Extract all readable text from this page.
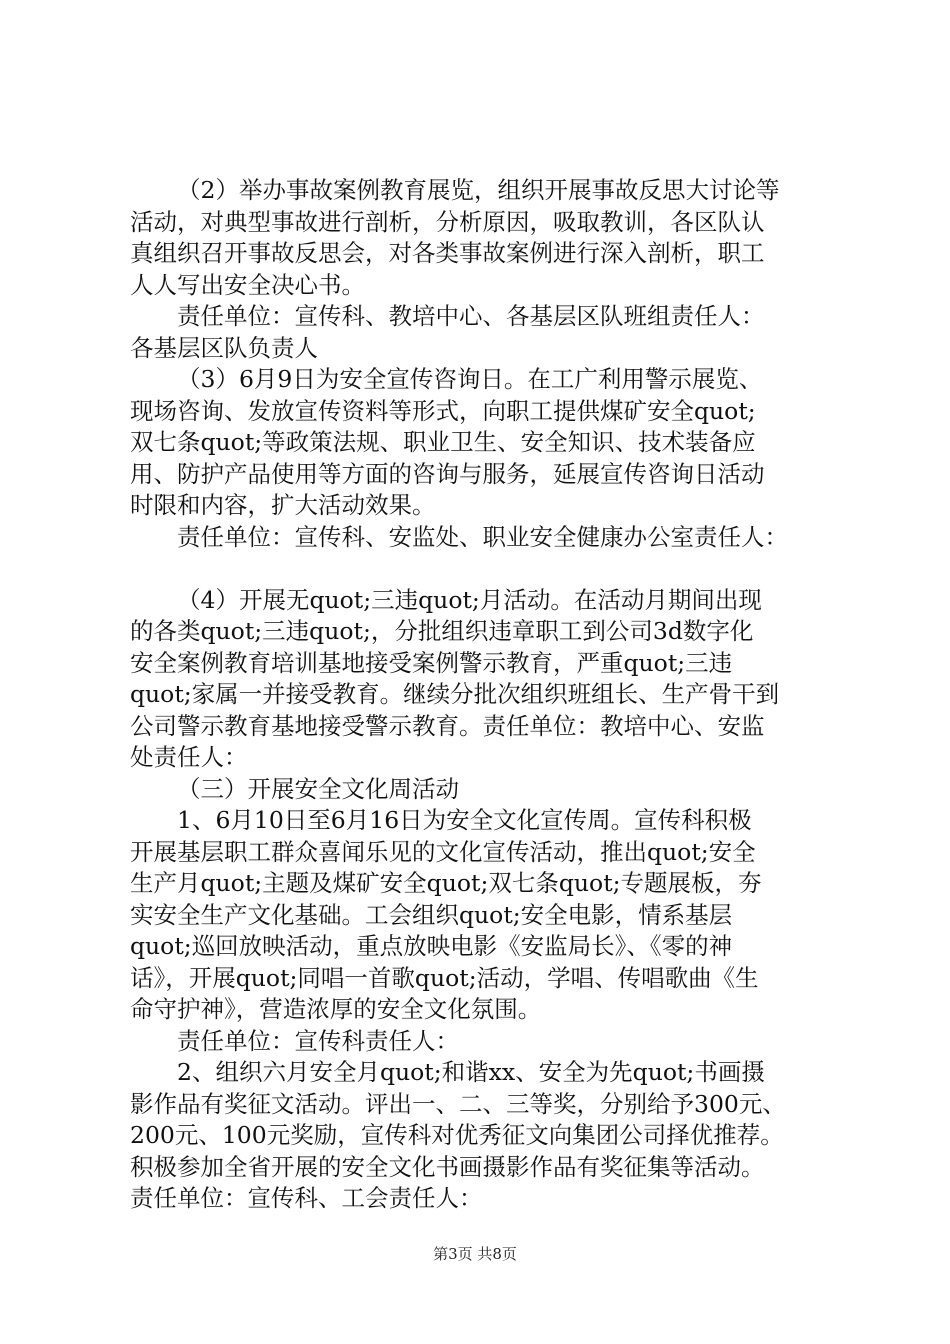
（2）举办事故案例教育展览，组织开展事故反思大讨论等
活动，对典型事故进行剖析，分析原因，吸取教训，各区队认
真组织召开事故反思会，对各类事故案例进行深入剖析，职工
人人写出安全决心书。
责任单位：宣传科、教培中心、各基层区队班组责任人：
各基层区队负责人
（3）6月9日为安全宣传咨询日。在工广利用警示展览、
现场咨询、发放宣传资料等形式，向职工提供煤矿安全quot;
双七条quot;等政策法规、职业卫生、安全知识、技术装备应
用、防护产品使用等方面的咨询与服务，延展宣传咨询日活动
时限和内容，扩大活动效果。
责任单位：宣传科、安监处、职业安全健康办公室责任人：
（4）开展无quot;三违quot;月活动。在活动月期间出现
的各类quot;三违quot;，分批组织违章职工到公司3d数字化
安全案例教育培训基地接受案例警示教育，严重quot;三违
quot;家属一并接受教育。继续分批次组织班组长、生产骨干到
公司警示教育基地接受警示教育。责任单位：教培中心、安监
处责任人：
（三）开展安全文化周活动
1、6月10日至6月16日为安全文化宣传周。宣传科积极
开展基层职工群众喜闻乐见的文化宣传活动，推出quot;安全
生产月quot;主题及煤矿安全quot;双七条quot;专题展板，夯
实安全生产文化基础。工会组织quot;安全电影，情系基层
quot;巡回放映活动，重点放映电影《安监局长》、《零的神
话》，开展quot;同唱一首歌quot;活动，学唱、传唱歌曲《生
命守护神》，营造浓厚的安全文化氛围。
责任单位：宣传科责任人：
2、组织六月安全月quot;和谐xx、安全为先quot;书画摄
影作品有奖征文活动。评出一、二、三等奖，分别给予300元、
200元、100元奖励，宣传科对优秀征文向集团公司择优推荐。
积极参加全省开展的安全文化书画摄影作品有奖征集等活动。
责任单位：宣传科、工会责任人：
第3页 共8页
